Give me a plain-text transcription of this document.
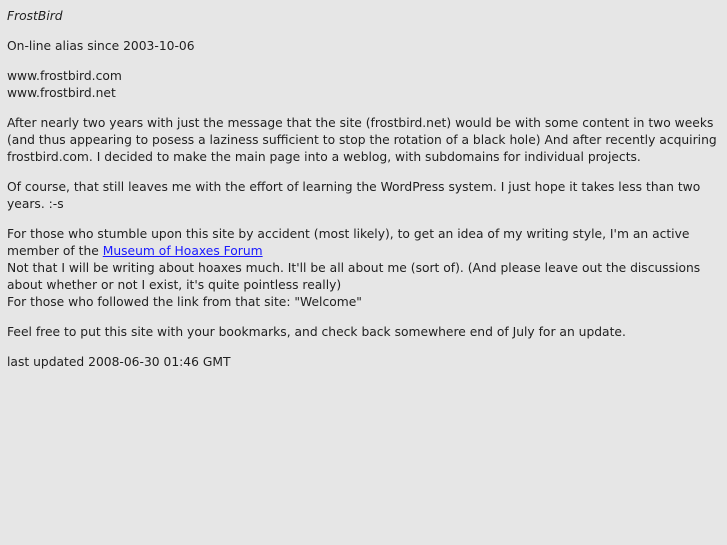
FrostBird

On-line alias since 2003-10-06

www.frostbird.com
www.frostbird.net

After nearly two years with just the message that the site (frostbird.net) would be with some content in two weeks (and thus appearing to posess a laziness sufficient to stop the rotation of a black hole) And after recently acquiring frostbird.com. I decided to make the main page into a weblog, with subdomains for individual projects.

Of course, that still leaves me with the effort of learning the WordPress system. I just hope it takes less than two years. :-s

For those who stumble upon this site by accident (most likely), to get an idea of my writing style, I'm an active member of the Museum of Hoaxes Forum
Not that I will be writing about hoaxes much. It'll be all about me (sort of). (And please leave out the discussions about whether or not I exist, it's quite pointless really)
For those who followed the link from that site: "Welcome"

Feel free to put this site with your bookmarks, and check back somewhere end of July for an update.

last updated 2008-06-30 01:46 GMT
